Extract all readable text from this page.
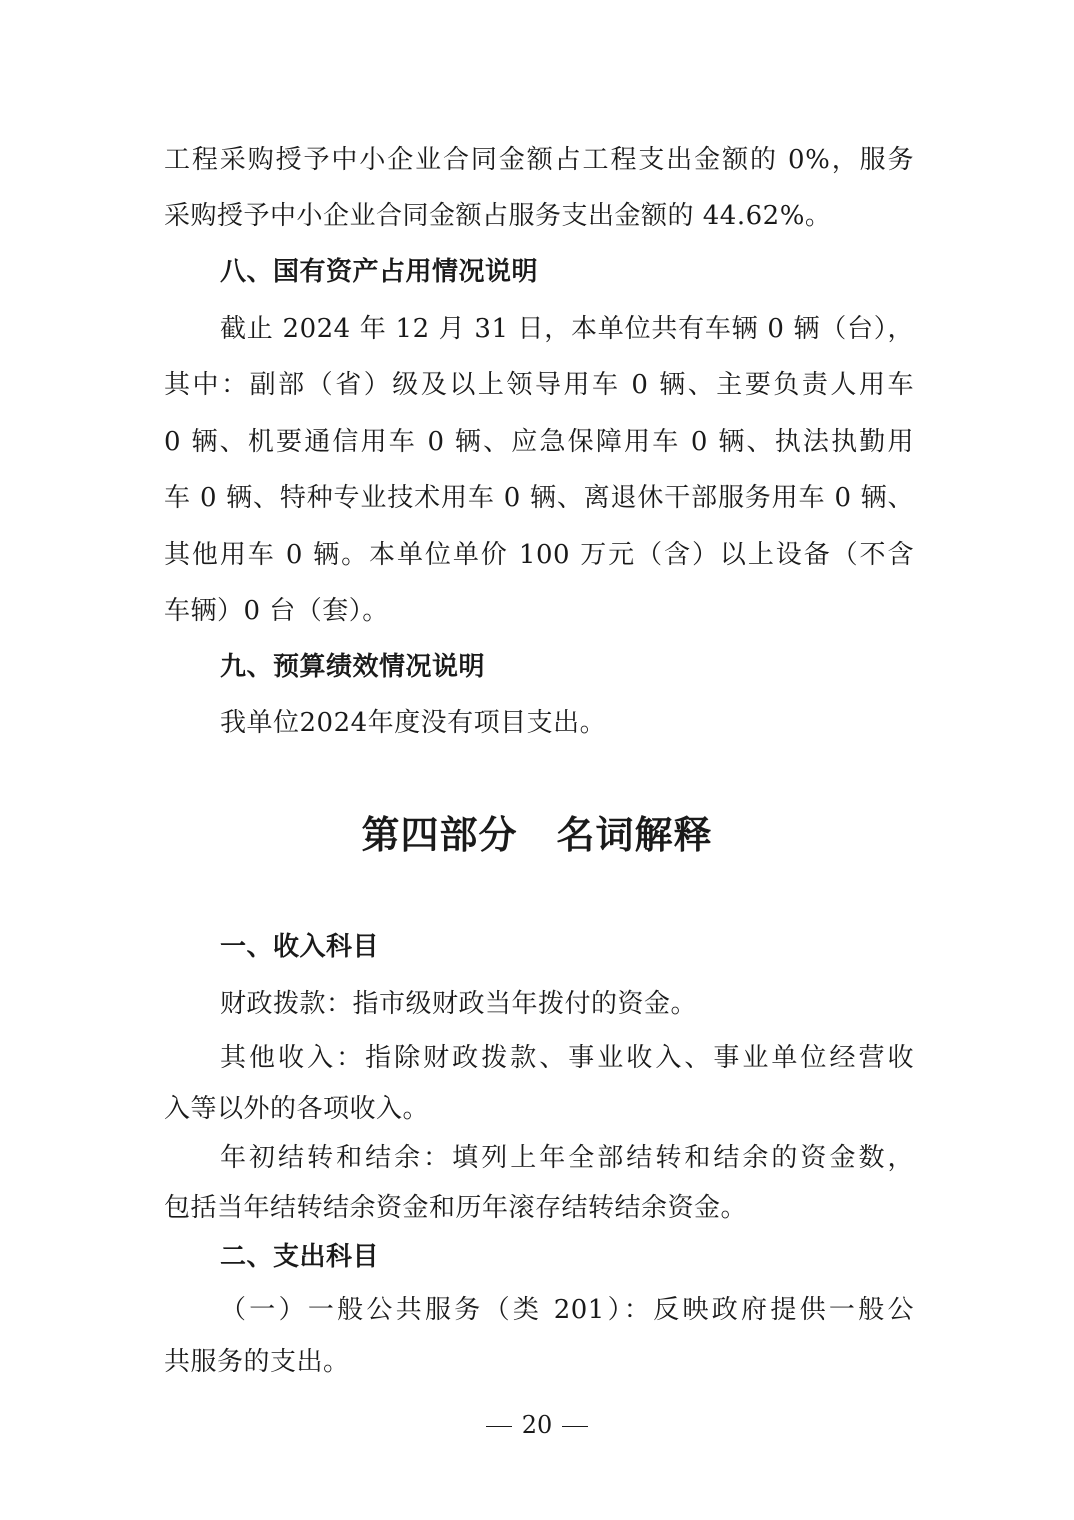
工程采购授予中小企业合同金额占工程支出金额的 0%，服务
采购授予中小企业合同金额占服务支出金额的 44.62%。
八、国有资产占用情况说明
截止 2024 年 12 月 31 日，本单位共有车辆 0 辆（台），
其中：副部（省）级及以上领导用车 0 辆、主要负责人用车
0 辆、机要通信用车 0 辆、应急保障用车 0 辆、执法执勤用
车 0 辆、特种专业技术用车 0 辆、离退休干部服务用车 0 辆、
其他用车 0 辆。本单位单价 100 万元（含）以上设备（不含
车辆）0 台（套）。
九、预算绩效情况说明
我单位2024年度没有项目支出。
第四部分　名词解释
一、收入科目
财政拨款：指市级财政当年拨付的资金。
其他收入：指除财政拨款、事业收入、事业单位经营收
入等以外的各项收入。
年初结转和结余：填列上年全部结转和结余的资金数，
包括当年结转结余资金和历年滚存结转结余资金。
二、支出科目
（一）一般公共服务（类 201）：反映政府提供一般公
共服务的支出。
20
